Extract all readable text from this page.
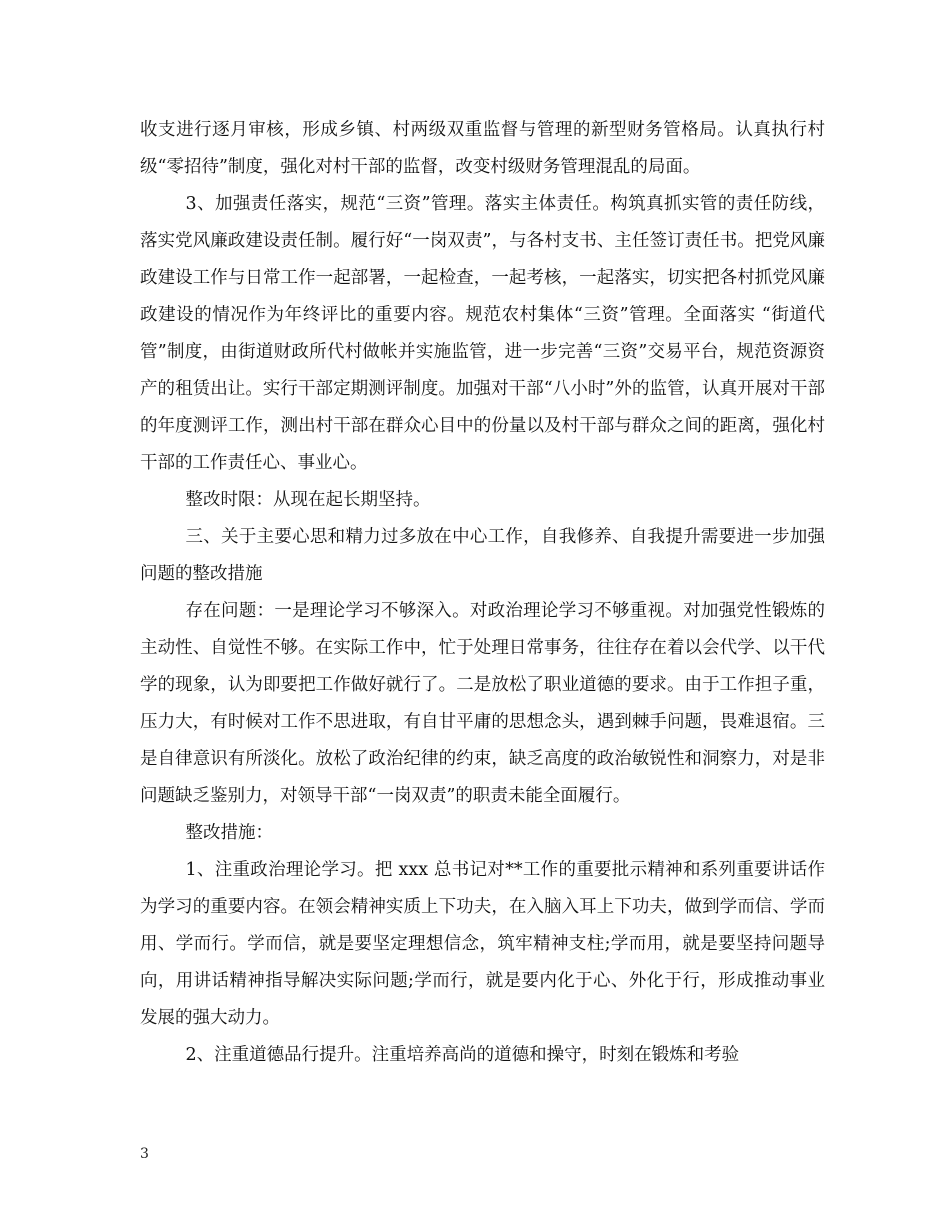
收支进行逐月审核，形成乡镇、村两级双重监督与管理的新型财务管格局。认真执行村级“零招待”制度，强化对村干部的监督，改变村级财务管理混乱的局面。

3、加强责任落实，规范“三资”管理。落实主体责任。构筑真抓实管的责任防线，落实党风廉政建设责任制。履行好“一岗双责”，与各村支书、主任签订责任书。把党风廉政建设工作与日常工作一起部署，一起检查，一起考核，一起落实，切实把各村抓党风廉政建设的情况作为年终评比的重要内容。规范农村集体“三资”管理。全面落实 “街道代管”制度，由街道财政所代村做帐并实施监管，进一步完善“三资”交易平台，规范资源资产的租赁出让。实行干部定期测评制度。加强对干部“八小时”外的监管，认真开展对干部的年度测评工作，测出村干部在群众心目中的份量以及村干部与群众之间的距离，强化村干部的工作责任心、事业心。

整改时限：从现在起长期坚持。

三、关于主要心思和精力过多放在中心工作，自我修养、自我提升需要进一步加强问题的整改措施

存在问题：一是理论学习不够深入。对政治理论学习不够重视。对加强党性锻炼的主动性、自觉性不够。在实际工作中，忙于处理日常事务，往往存在着以会代学、以干代学的现象，认为即要把工作做好就行了。二是放松了职业道德的要求。由于工作担子重，压力大，有时候对工作不思进取，有自甘平庸的思想念头，遇到棘手问题，畏难退宿。三是自律意识有所淡化。放松了政治纪律的约束，缺乏高度的政治敏锐性和洞察力，对是非问题缺乏鉴别力，对领导干部“一岗双责”的职责未能全面履行。

整改措施：

1、注重政治理论学习。把 xxx 总书记对**工作的重要批示精神和系列重要讲话作为学习的重要内容。在领会精神实质上下功夫，在入脑入耳上下功夫，做到学而信、学而用、学而行。学而信，就是要坚定理想信念，筑牢精神支柱;学而用，就是要坚持问题导向，用讲话精神指导解决实际问题;学而行，就是要内化于心、外化于行，形成推动事业发展的强大动力。

2、注重道德品行提升。注重培养高尚的道德和操守，时刻在锻炼和考验

3
